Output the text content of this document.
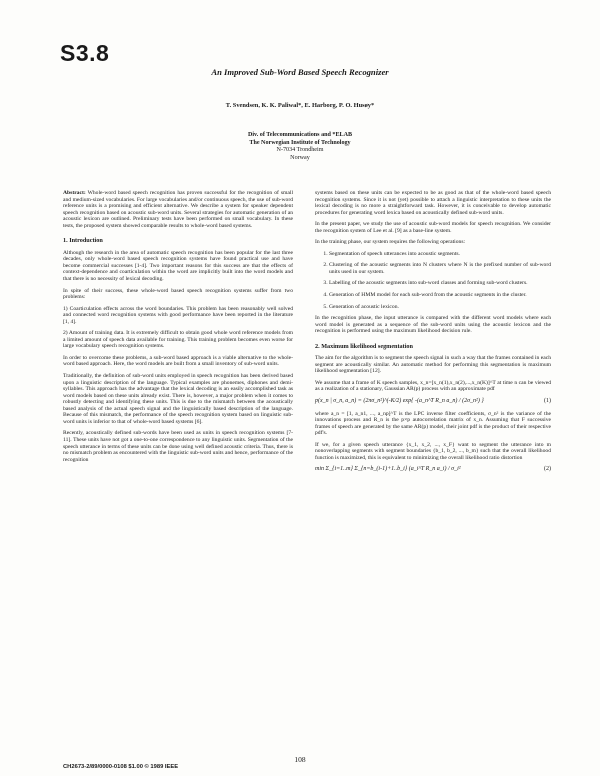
S3.8
An Improved Sub-Word Based Speech Recognizer
T. Svendsen, K. K. Paliwal*, E. Harborg, P. O. Husøy*
Div. of Telecommunications and *ELAB
The Norwegian Institute of Technology
N-7034 Trondheim
Norway

Abstract: Whole-word based speech recognition has proven successful for the recognition of small and medium-sized vocabularies. For large vocabularies and/or continuous speech, the use of sub-word reference units is a promising and efficient alternative. We describe a system for speaker dependent speech recognition based on acoustic sub-word units. Several strategies for automatic generation of an acoustic lexicon are outlined. Preliminary tests have been performed on small vocabulary. In these tests, the proposed system showed comparable results to whole-word based systems.

1. Introduction

Although the research in the area of automatic speech recognition has been popular for the last three decades, only whole-word based speech recognition systems have found practical use and have become commercial successes [1-4]. Two important reasons for this success are that the effects of context-dependence and coarticulation within the word are implicitly built into the word models and that there is no necessity of lexical decoding.

In spite of their success, these whole-word based speech recognition systems suffer from two problems:

1) Coarticulation effects across the word boundaries. This problem has been reasonably well solved and connected word recognition systems with good performance have been reported in the literature [1, 4].

2) Amount of training data. It is extremely difficult to obtain good whole word reference models from a limited amount of speech data available for training. This training problem becomes even worse for large vocabulary speech recognition systems.

In order to overcome these problems, a sub-word based approach is a viable alternative to the whole-word based approach. Here, the word models are built from a small inventory of sub-word units.

Traditionally, the definition of sub-word units employed in speech recognition has been derived based upon a linguistic description of the language. Typical examples are phonemes, diphones and demi-syllables. This approach has the advantage that the lexical decoding is an easily accomplished task as word models based on these units already exist. There is, however, a major problem when it comes to robustly detecting and identifying these units. This is due to the mismatch between the acoustically based analysis of the actual speech signal and the linguistically based description of the language. Because of this mismatch, the performance of the speech recognition system based on linguistic sub-word units is inferior to that of whole-word based systems [6].

Recently, acoustically defined sub-words have been used as units in speech recognition systems [7-11]. These units have not got a one-to-one correspondence to any linguistic units. Segmentation of the speech utterance in terms of these units can be done using well defined acoustic criteria. Thus, there is no mismatch problem as encountered with the linguistic sub-word units and hence, performance of the recognition

systems based on these units can be expected to be as good as that of the whole-word based speech recognition systems. Since it is not (yet) possible to attach a linguistic interpretation to these units the lexical decoding is no more a straightforward task. However, it is conceivable to develop automatic procedures for generating word lexica based on acoustically defined sub-word units.

In the present paper, we study the use of acoustic sub-word models for speech recognition. We consider the recognition system of Lee et al. [9] as a base-line system.

In the training phase, our system requires the following operations:

1. Segmentation of speech utterances into acoustic segments.
2. Clustering of the acoustic segments into N clusters where N is the prefixed number of sub-word units used in our system.
3. Labelling of the acoustic segments into sub-word classes and forming sub-word clusters.
4. Generation of HMM model for each sub-word from the acoustic segments in the cluster.
5. Generation of acoustic lexicon.

In the recognition phase, the input utterance is compared with the different word models where each word model is generated as a sequence of the sub-word units using the acoustic lexicon and the recognition is performed using the maximum likelihood decision rule.

2. Maximum likelihood segmentation

The aim for the algorithm is to segment the speech signal in such a way that the frames contained in each segment are acoustically similar. An automatic method for performing this segmentation is maximum likelihood segmentation [12].

We assume that a frame of K speech samples, x_n=[x_n(1),x_n(2),...,x_n(K)]^T at time n can be viewed as a realization of a stationary, Gaussian AR(p) process with an approximate pdf

p(x_n | σ_n, a_n) = (2πσ_n²)^(-K/2) exp{ -(a_n^T R_n a_n) / (2σ_n²) }	(1)

where a_n = [1, a_n1, ..., a_np]^T is the LPC inverse filter coefficients, σ_n² is the variance of the innovations process and R_n is the p×p autocorrelation matrix of x_n. Assuming that F successive frames of speech are generated by the same AR(p) model, their joint pdf is the product of their respective pdf's.

If we, for a given speech utterance {x_1, x_2, ..., x_F} want to segment the utterance into m nonoverlapping segments with segment boundaries {b_1, b_2, ..., b_m} such that the overall likelihood function is maximized, this is equivalent to minimizing the overall likelihood ratio distortion

min Σ_{i=1..m} Σ_{n=b_(i-1)+1..b_i} (a_i^T R_n a_i) / σ_i²	(2)
108
CH2673-2/89/0000-0108 $1.00 © 1989 IEEE
